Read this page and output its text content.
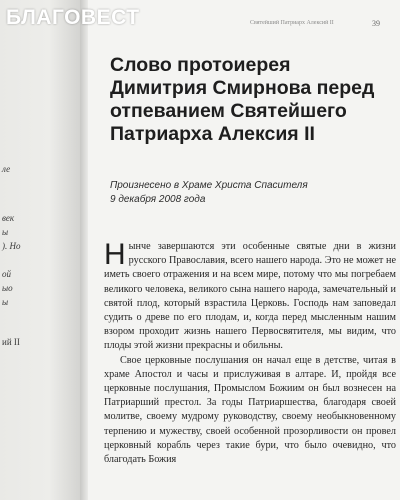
ле
век
ы
). Но
ой
ыо
ы
ий II
БЛАГОВЕСТ	Святейший Патриарх Алексий II	39
Слово протоиерея Димитрия Смирнова перед отпеванием Святейшего Патриарха Алексия II
Произнесено в Храме Христа Спасителя
9 декабря 2008 года

Нынче завершаются эти особенные святые дни в жизни русского Православия, всего нашего народа. Это не может не иметь своего отражения и на всем мире, потому что мы погребаем великого человека, великого сына нашего народа, замечательный и святой плод, который взрастила Церковь. Господь нам заповедал судить о древе по его плодам, и, когда перед мысленным нашим взором проходит жизнь нашего Первосвятителя, мы видим, что плоды этой жизни прекрасны и обильны.

Свое церковные послушания он начал еще в детстве, читая в храме Апостол и часы и прислуживая в алтаре. И, пройдя все церковные послушания, Промыслом Божиим он был вознесен на Патриарший престол. За годы Патриаршества, благодаря своей молитве, своему мудрому руководству, своему необыкновенному терпению и мужеству, своей особенной прозорливости он провел церковный корабль через такие бури, что было очевидно, что благодать Божия
